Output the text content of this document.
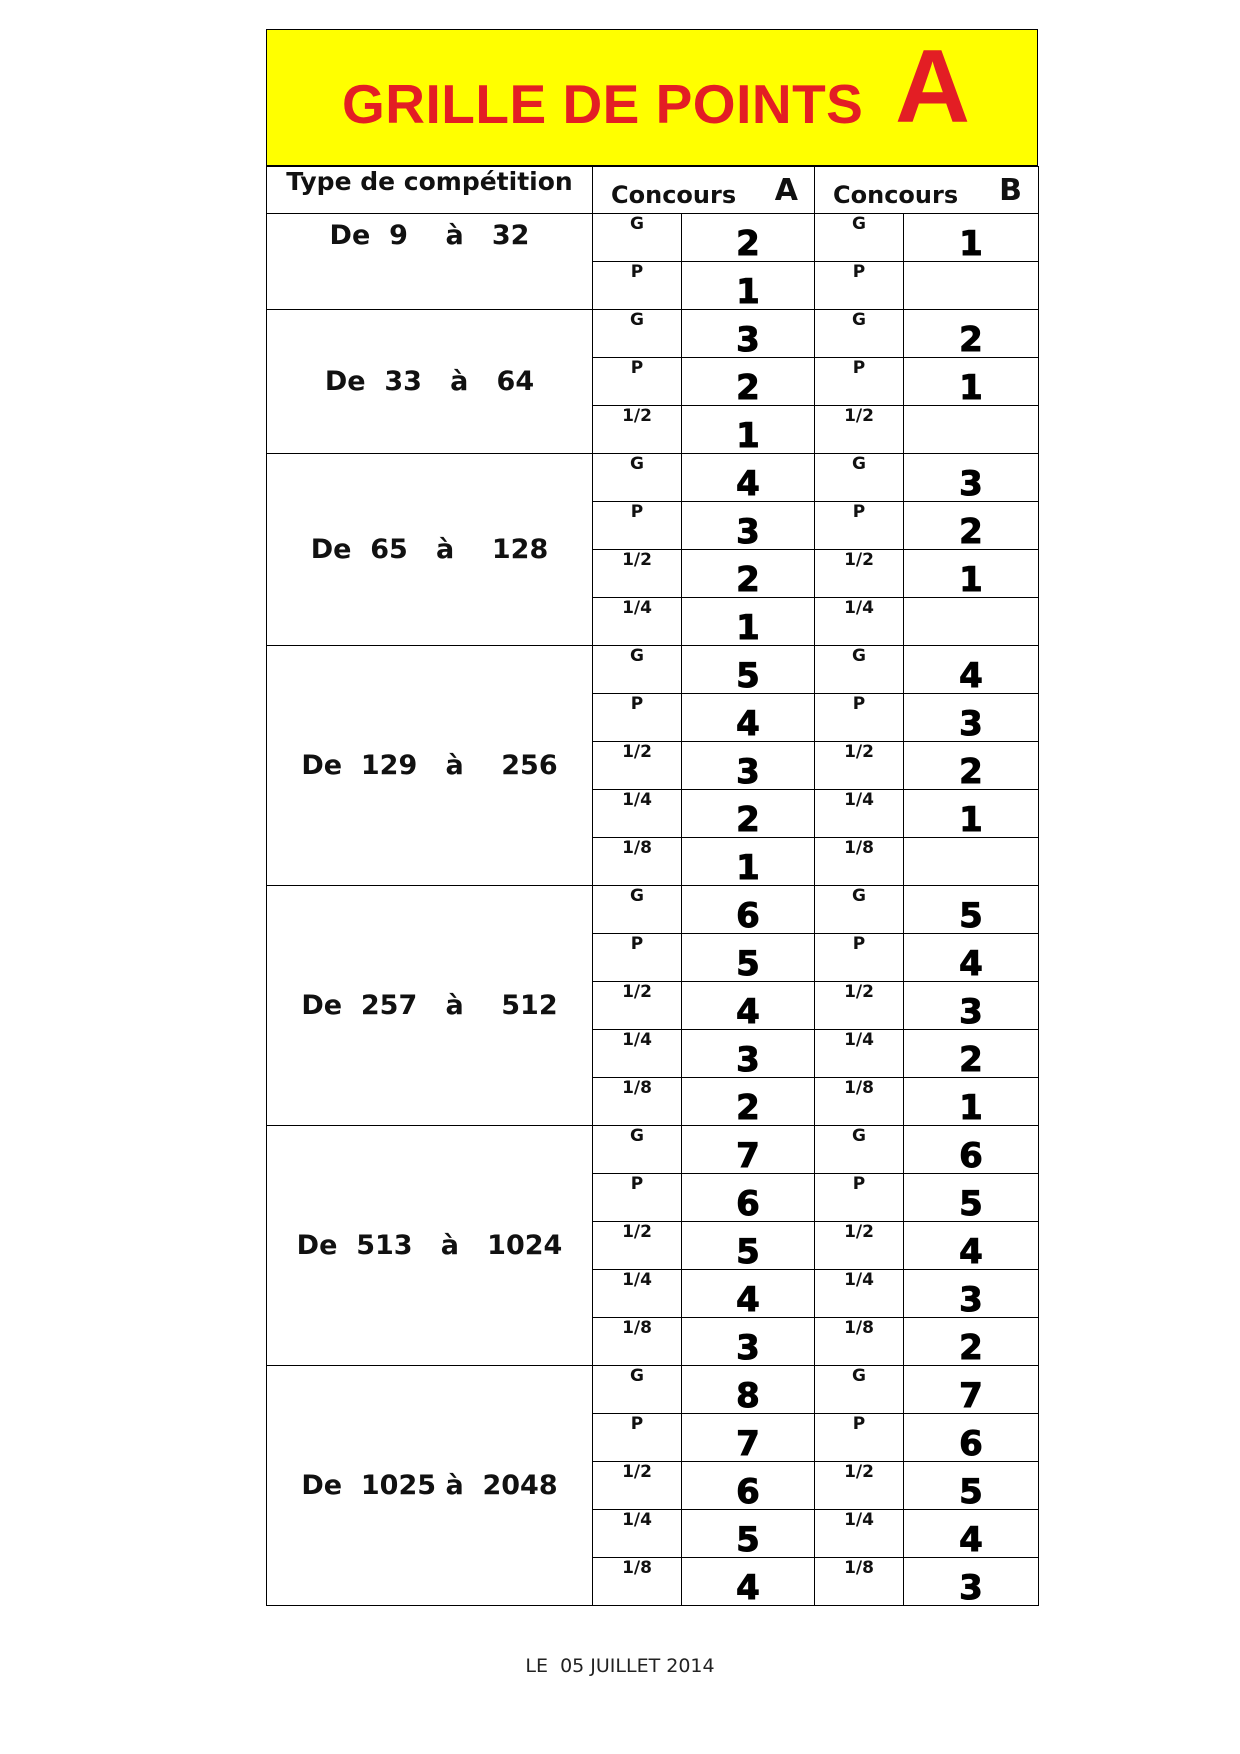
GRILLE DE POINTS A
Type de compétition	Concours A		Concours B	

De  9    à   32	G	2	G	1
	P	1	P	
De  33   à   64	G	3	G	2
	P	2	P	1
	1/2	1	1/2	
De  65   à    128	G	4	G	3
	P	3	P	2
	1/2	2	1/2	1
	1/4	1	1/4	
De  129   à    256	G	5	G	4
	P	4	P	3
	1/2	3	1/2	2
	1/4	2	1/4	1
	1/8	1	1/8	
De  257   à    512	G	6	G	5
	P	5	P	4
	1/2	4	1/2	3
	1/4	3	1/4	2
	1/8	2	1/8	1
De  513   à   1024	G	7	G	6
	P	6	P	5
	1/2	5	1/2	4
	1/4	4	1/4	3
	1/8	3	1/8	2
De  1025 à  2048	G	8	G	7
	P	7	P	6
	1/2	6	1/2	5
	1/4	5	1/4	4
	1/8	4	1/8	3
LE  05 JUILLET 2014
